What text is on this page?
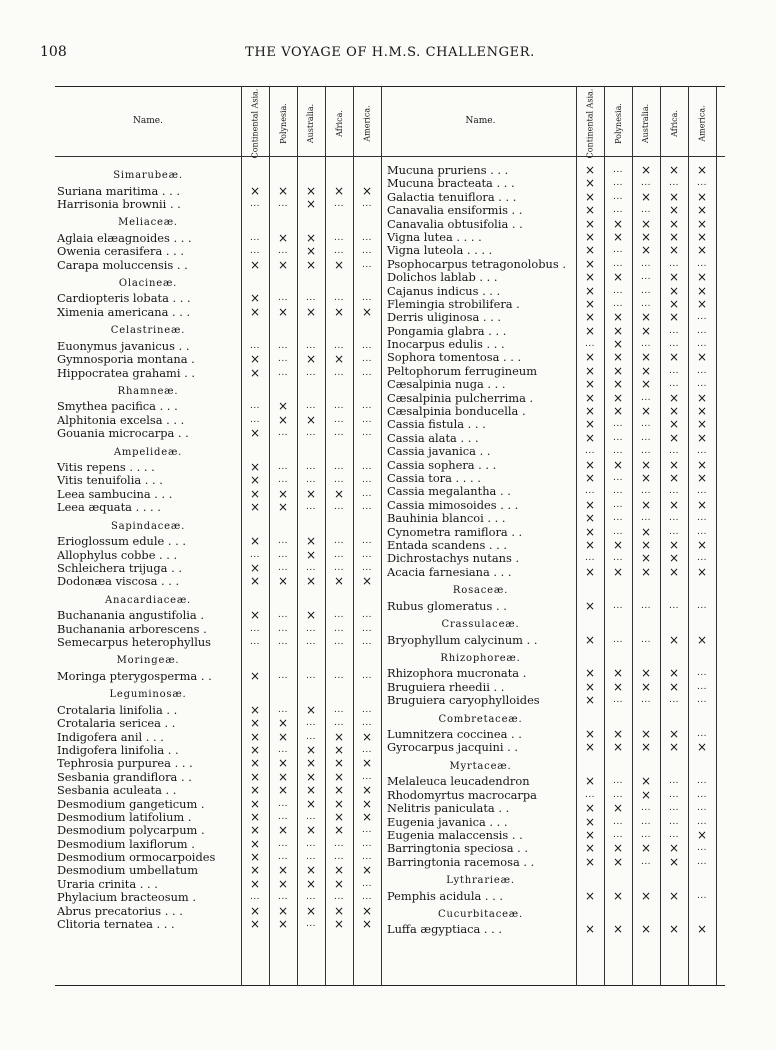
108	THE VOYAGE OF H.M.S. CHALLENGER.
Name.	Continental Asia. Polynesia. Australia. Africa. America.
Simarubeæ.
Suriana maritima . . .	×	×	×	×	×
Harrisonia brownii . .	...	...	×	...	...
Meliaceæ.
Aglaia elæagnoides . . .	...	×	×	...	...
Owenia cerasifera . . .	...	...	×	...	...
Carapa moluccensis . .	×	×	×	×	...
Olacineæ.
Cardiopteris lobata . . .	×	...	...	...	...
Ximenia americana . . .	×	×	×	×	×
Celastrineæ.
Euonymus javanicus . .	...	...	...	...	...
Gymnosporia montana .	×	...	×	×	...
Hippocratea grahami . .	×	...	...	...	...
Rhamneæ.
Smythea pacifica . . .	...	×	...	...	...
Alphitonia excelsa . . .	...	×	×	...	...
Gouania microcarpa . .	×	...	...	...	...
Ampelideæ.
Vitis repens . . . .	×	...	...	...	...
Vitis tenuifolia . . .	×	...	...	...	...
Leea sambucina . . .	×	×	×	×	...
Leea æquata . . . .	×	×	...	...	...
Sapindaceæ.
Erioglossum edule . . .	×	...	×	...	...
Allophylus cobbe . . .	...	...	×	...	...
Schleichera trijuga . .	×	...	...	...	...
Dodonæa viscosa . . .	×	×	×	×	×
Anacardiaceæ.
Buchanania angustifolia .	×	...	×	...	...
Buchanania arborescens .	...	...	...	...	...
Semecarpus heterophyllus	...	...	...	...	...
Moringeæ.
Moringa pterygosperma . .	×	...	...	...	...
Leguminosæ.
Crotalaria linifolia . .	×	...	×	...	...
Crotalaria sericea . .	×	×	...	...	...
Indigofera anil . . .	×	×	...	×	×
Indigofera linifolia . .	×	...	×	×	...
Tephrosia purpurea . . .	×	×	×	×	×
Sesbania grandiflora . .	×	×	×	×	...
Sesbania aculeata . .	×	×	×	×	×
Desmodium gangeticum .	×	...	×	×	×
Desmodium latifolium .	×	...	...	×	×
Desmodium polycarpum .	×	×	×	×	...
Desmodium laxiflorum .	×	...	...	...	...
Desmodium ormocarpoides	×	...	...	...	...
Desmodium umbellatum	×	×	×	×	×
Uraria crinita . . .	×	×	×	×	...
Phylacium bracteosum .	...	...	...	...	...
Abrus precatorius . . .	×	×	×	×	×
Clitoria ternatea . . .	×	×	...	×	×
Name.	Continental Asia. Polynesia. Australia. Africa. America.
Mucuna pruriens . . .	×	...	×	×	×
Mucuna bracteata . . .	×	...	...	...	...
Galactia tenuiflora . . .	×	...	×	×	×
Canavalia ensiformis . .	×	...	...	×	×
Canavalia obtusifolia . .	×	×	×	×	×
Vigna lutea . . . .	×	×	×	×	×
Vigna luteola . . . .	×	...	×	×	×
Psophocarpus tetragonolobus .	×	...	...	...	...
Dolichos lablab . . .	×	×	...	×	×
Cajanus indicus . . .	×	...	...	×	×
Flemingia strobilifera .	×	...	...	×	×
Derris uliginosa . . .	×	×	×	×	...
Pongamia glabra . . .	×	×	×	...	...
Inocarpus edulis . . .	...	×	...	...	...
Sophora tomentosa . . .	×	×	×	×	×
Peltophorum ferrugineum	×	×	×	...	...
Cæsalpinia nuga . . .	×	×	×	...	...
Cæsalpinia pulcherrima .	×	×	...	×	×
Cæsalpinia bonducella .	×	×	×	×	×
Cassia fistula . . .	×	...	...	×	×
Cassia alata . . .	×	...	...	×	×
Cassia javanica . .	...	...	...	...	...
Cassia sophera . . .	×	×	×	×	×
Cassia tora . . . .	×	...	×	×	×
Cassia megalantha . .	...	...	...	...	...
Cassia mimosoides . . .	×	...	×	×	×
Bauhinia blancoi . . .	×	...	...	...	...
Cynometra ramiflora . .	×	...	×	...	...
Entada scandens . . .	×	×	×	×	×
Dichrostachys nutans .	...	...	×	×	...
Acacia farnesiana . . .	×	×	×	×	×
Rosaceæ.
Rubus glomeratus . .	×	...	...	...	...
Crassulaceæ.
Bryophyllum calycinum . .	×	...	...	×	×
Rhizophoreæ.
Rhizophora mucronata .	×	×	×	×	...
Bruguiera rheedii . .	×	×	×	×	...
Bruguiera caryophylloides	×	...	...	...	...
Combretaceæ.
Lumnitzera coccinea . .	×	×	×	×	...
Gyrocarpus jacquini . .	×	×	×	×	×
Myrtaceæ.
Melaleuca leucadendron	×	...	×	...	...
Rhodomyrtus macrocarpa	...	...	×	...	...
Nelitris paniculata . .	×	×	...	...	...
Eugenia javanica . . .	×	...	...	...	...
Eugenia malaccensis . .	×	...	...	...	×
Barringtonia speciosa . .	×	×	×	×	...
Barringtonia racemosa . .	×	×	...	×	...
Lythrarieæ.
Pemphis acidula . . .	×	×	×	×	...
Cucurbitaceæ.
Luffa ægyptiaca . . .	×	×	×	×	×
